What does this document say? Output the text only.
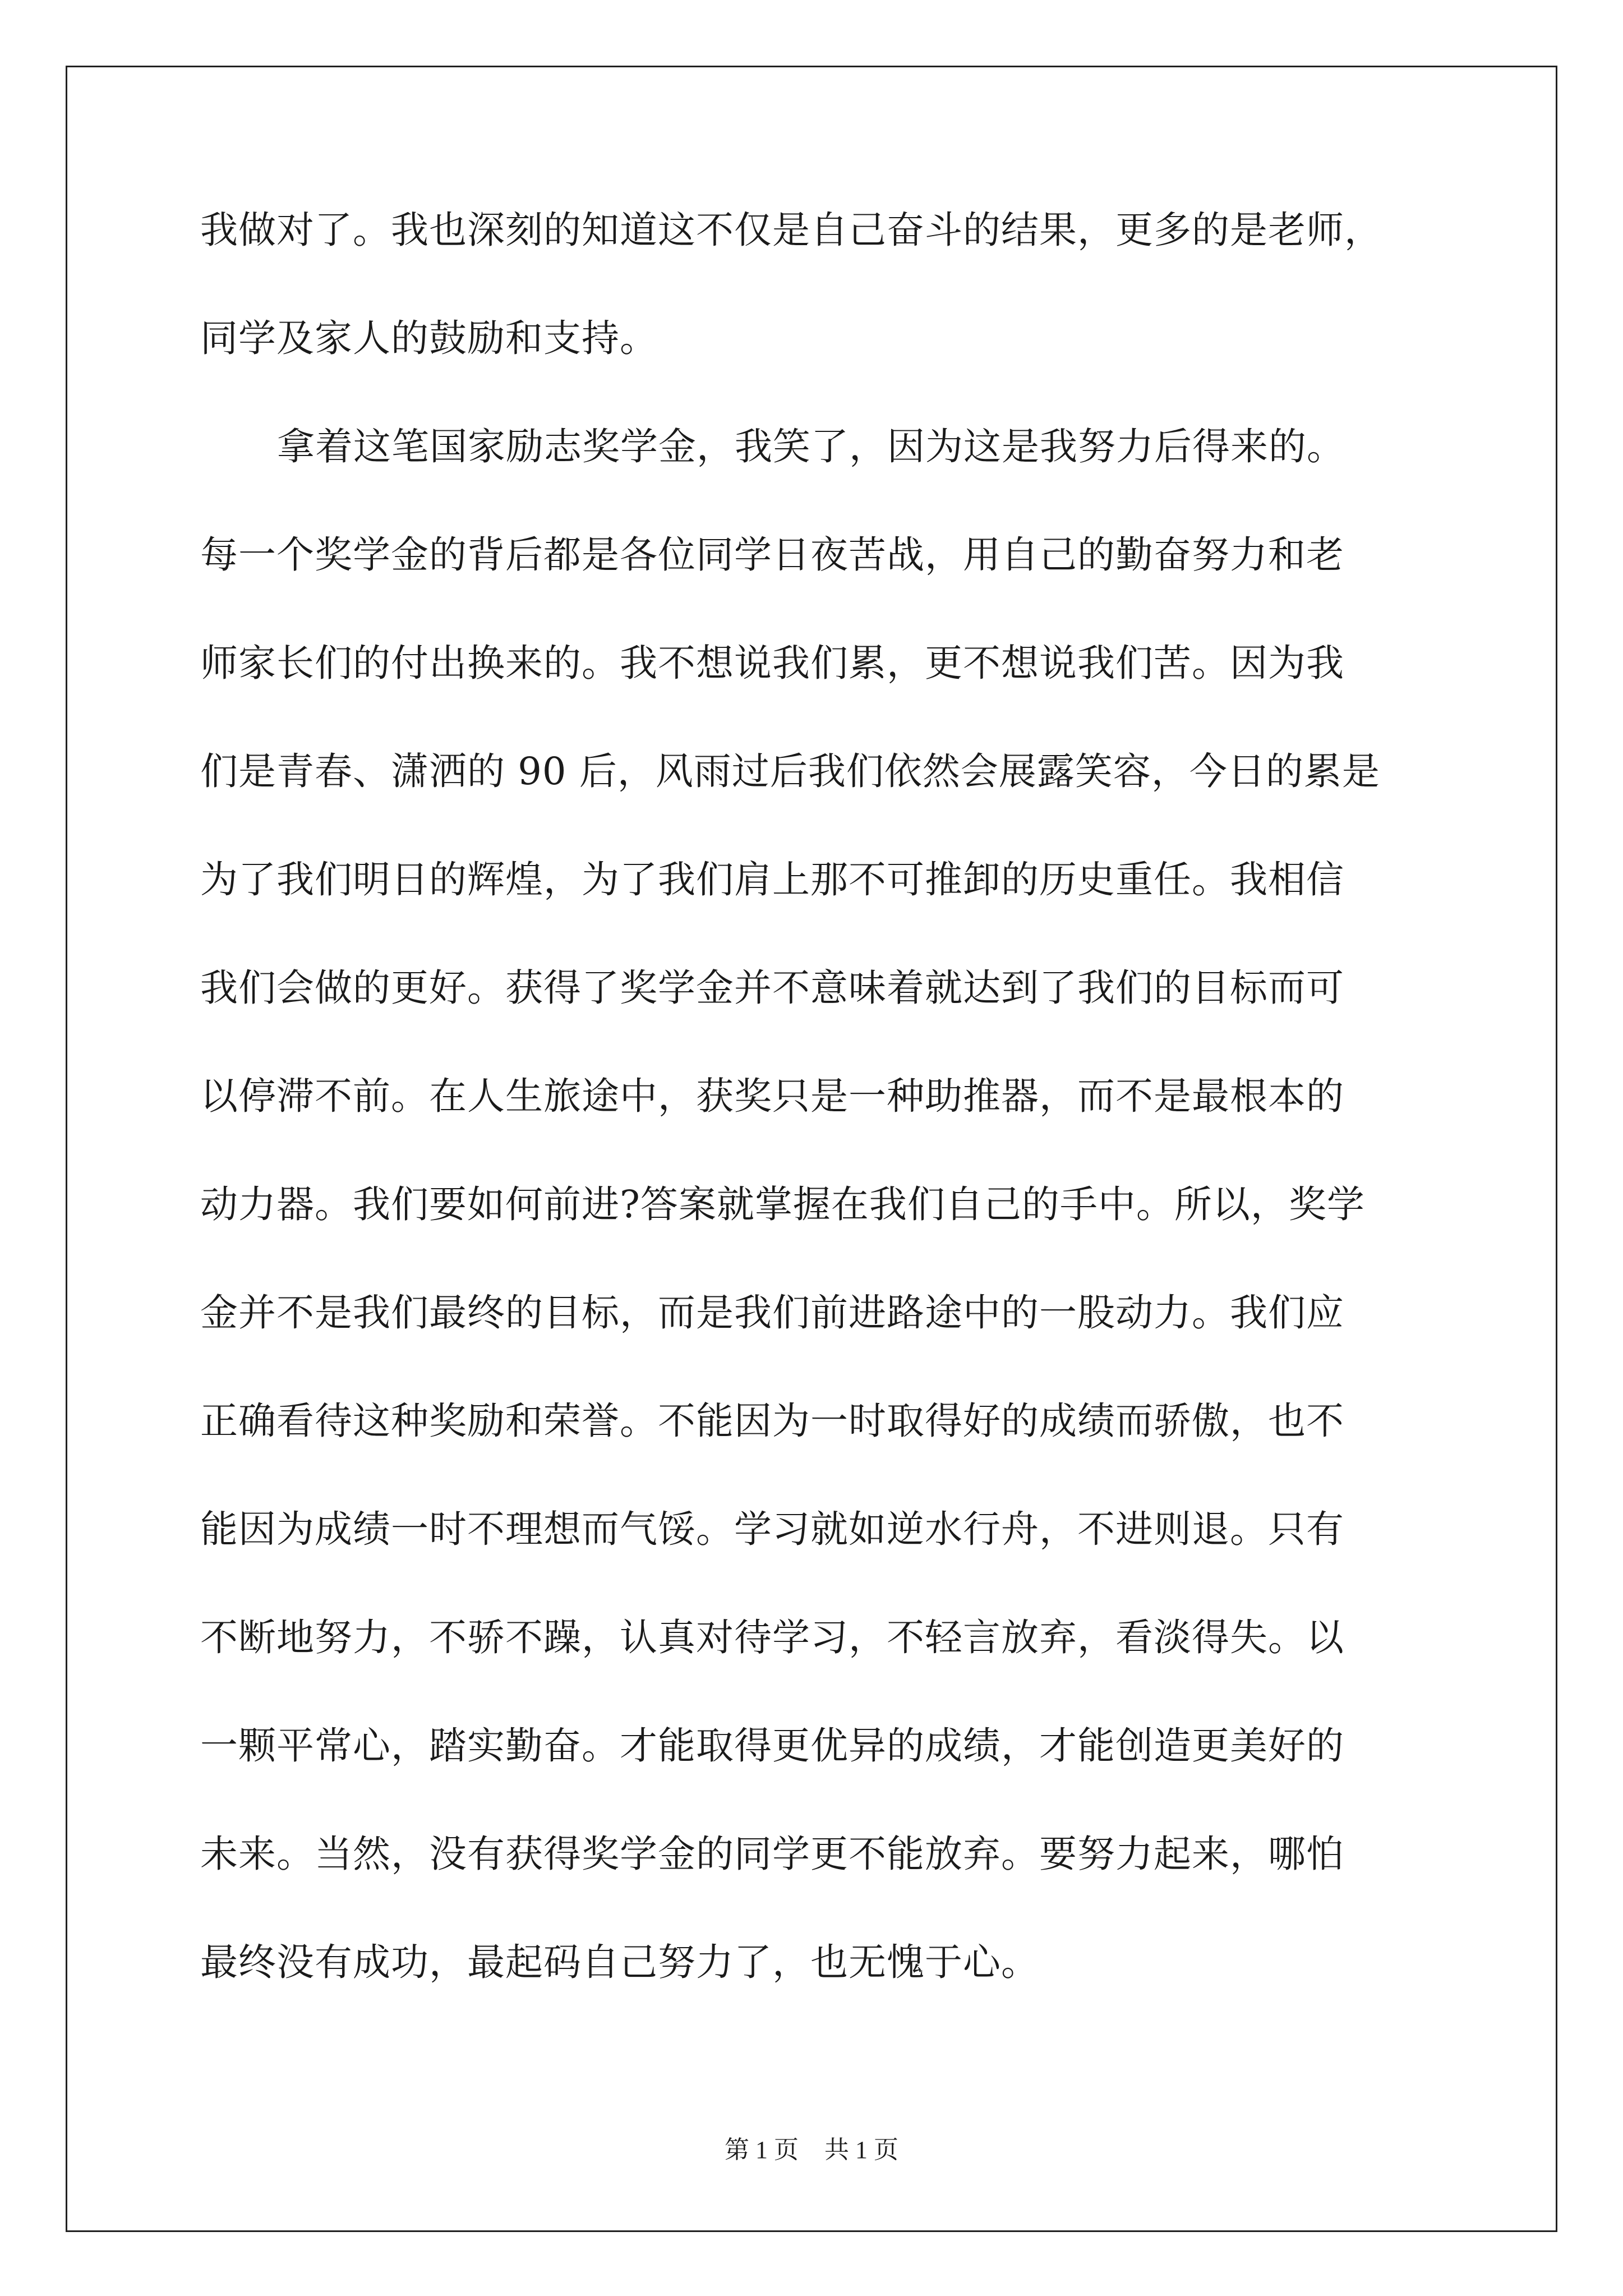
我做对了。我也深刻的知道这不仅是自己奋斗的结果，更多的是老师，

同学及家人的鼓励和支持。

拿着这笔国家励志奖学金，我笑了，因为这是我努力后得来的。

每一个奖学金的背后都是各位同学日夜苦战，用自己的勤奋努力和老

师家长们的付出换来的。我不想说我们累，更不想说我们苦。因为我

们是青春、潇洒的 90 后，风雨过后我们依然会展露笑容，今日的累是

为了我们明日的辉煌，为了我们肩上那不可推卸的历史重任。我相信

我们会做的更好。获得了奖学金并不意味着就达到了我们的目标而可

以停滞不前。在人生旅途中，获奖只是一种助推器，而不是最根本的

动力器。我们要如何前进?答案就掌握在我们自己的手中。所以，奖学

金并不是我们最终的目标，而是我们前进路途中的一股动力。我们应

正确看待这种奖励和荣誉。不能因为一时取得好的成绩而骄傲，也不

能因为成绩一时不理想而气馁。学习就如逆水行舟，不进则退。只有

不断地努力，不骄不躁，认真对待学习，不轻言放弃，看淡得失。以

一颗平常心，踏实勤奋。才能取得更优异的成绩，才能创造更美好的

未来。当然，没有获得奖学金的同学更不能放弃。要努力起来，哪怕

最终没有成功，最起码自己努力了，也无愧于心。

第 1 页 共 1 页
